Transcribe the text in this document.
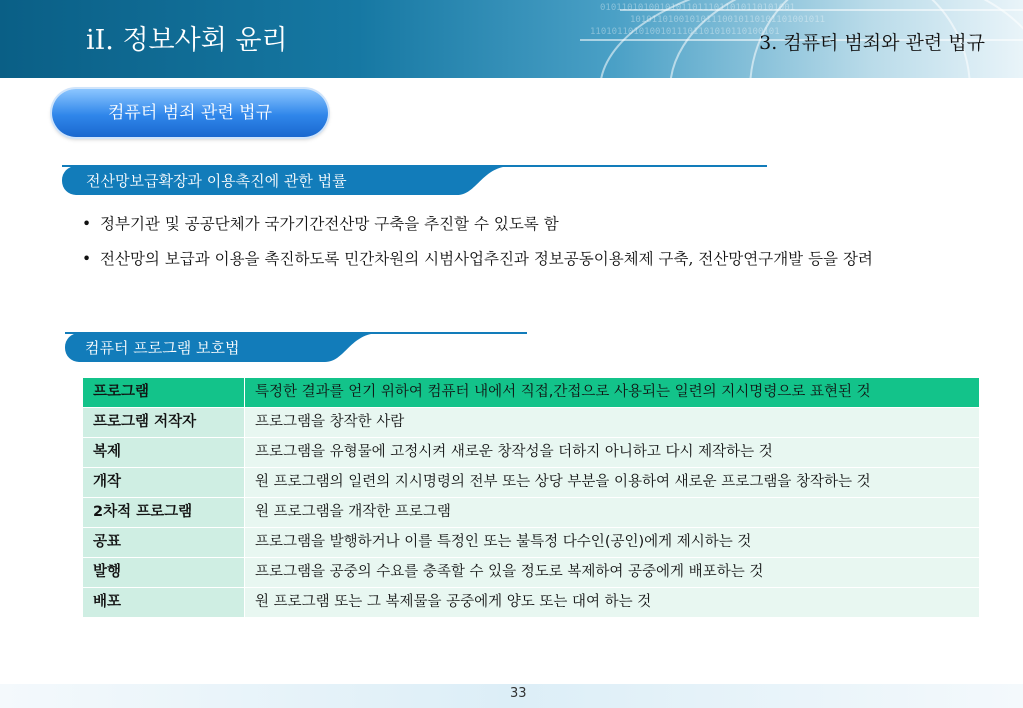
010110101001010110111011010110101001
101011010010101110010110101101001011
11010110101001011101101010110100101
iI. 정보사회 윤리	3. 컴퓨터 범죄와 관련 법규
컴퓨터 범죄 관련 법규
전산망보급확장과 이용촉진에 관한 법률
• 정부기관 및 공공단체가 국가기간전산망 구축을 추진할 수 있도록 함
• 전산망의 보급과 이용을 촉진하도록 민간차원의 시범사업추진과 정보공동이용체제 구축, 전산망연구개발 등을 장려
컴퓨터 프로그램 보호법
프로그램	특정한 결과를 얻기 위하여 컴퓨터 내에서 직접,간접으로 사용되는 일련의 지시명령으로 표현된 것
프로그램 저작자	프로그램을 창작한 사람
복제	프로그램을 유형물에 고정시켜 새로운 창작성을 더하지 아니하고 다시 제작하는 것
개작	원 프로그램의 일련의 지시명령의 전부 또는 상당 부분을 이용하여 새로운 프로그램을 창작하는 것
2차적 프로그램	원 프로그램을 개작한 프로그램
공표	프로그램을 발행하거나 이를 특정인 또는 불특정 다수인(공인)에게 제시하는 것
발행	프로그램을 공중의 수요를 충족할 수 있을 정도로 복제하여 공중에게 배포하는 것
배포	원 프로그램 또는 그 복제물을 공중에게 양도 또는 대여 하는 것
33
